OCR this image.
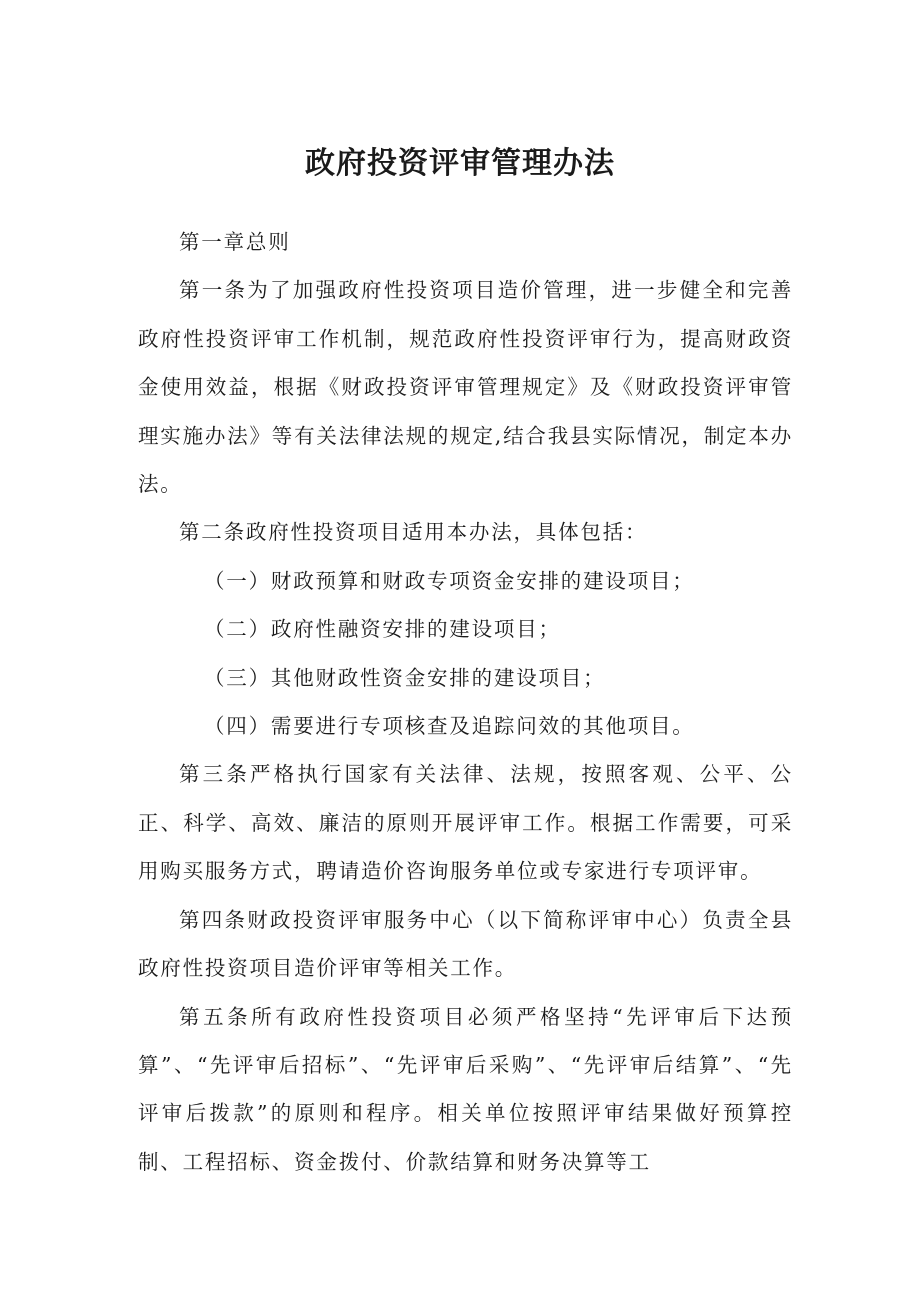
政府投资评审管理办法

第一章总则

第一条为了加强政府性投资项目造价管理，进一步健全和完善政府性投资评审工作机制，规范政府性投资评审行为，提高财政资金使用效益，根据《财政投资评审管理规定》及《财政投资评审管理实施办法》等有关法律法规的规定,结合我县实际情况，制定本办法。

第二条政府性投资项目适用本办法，具体包括：

（一）财政预算和财政专项资金安排的建设项目；

（二）政府性融资安排的建设项目；

（三）其他财政性资金安排的建设项目；

（四）需要进行专项核查及追踪问效的其他项目。

第三条严格执行国家有关法律、法规，按照客观、公平、公正、科学、高效、廉洁的原则开展评审工作。根据工作需要，可采用购买服务方式，聘请造价咨询服务单位或专家进行专项评审。

第四条财政投资评审服务中心（以下简称评审中心）负责全县政府性投资项目造价评审等相关工作。

第五条所有政府性投资项目必须严格坚持“先评审后下达预算”、“先评审后招标”、“先评审后采购”、“先评审后结算”、“先评审后拨款”的原则和程序。相关单位按照评审结果做好预算控制、工程招标、资金拨付、价款结算和财务决算等工
